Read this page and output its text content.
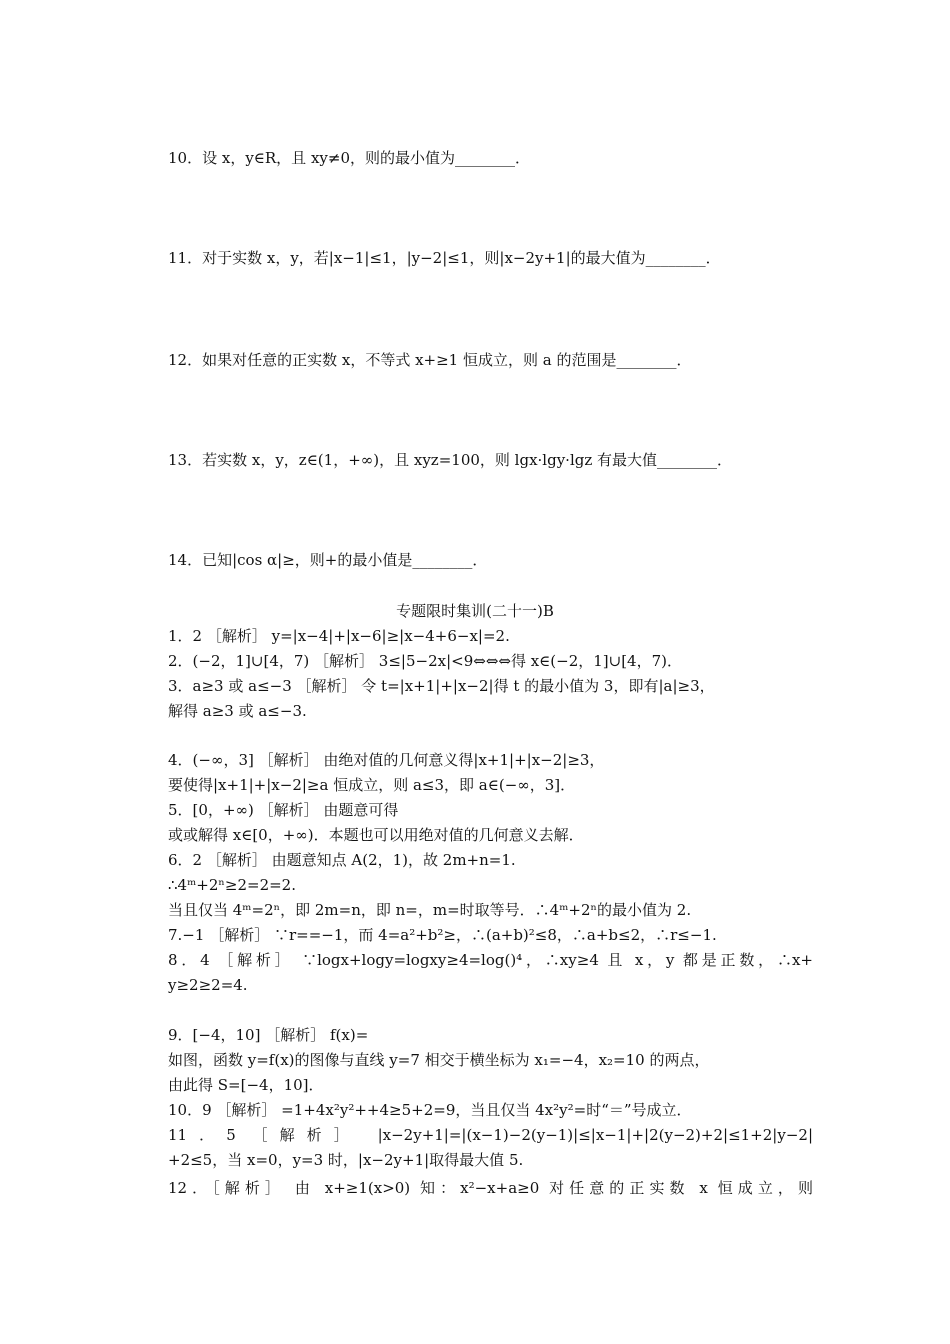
10．设 x，y∈R，且 xy≠0，则的最小值为________．
11．对于实数 x，y，若|x−1|≤1，|y−2|≤1，则|x−2y+1|的最大值为________．
12．如果对任意的正实数 x，不等式 x+≥1 恒成立，则 a 的范围是________．
13．若实数 x，y，z∈(1，+∞)，且 xyz=100，则 lgx·lgy·lgz 有最大值________．
14．已知|cos α|≥，则+的最小值是________．
专题限时集训(二十一)B
1．2 ［解析］ y=|x−4|+|x−6|≥|x−4+6−x|=2.
2．(−2，1]∪[4，7) ［解析］ 3≤|5−2x|<9⇔⇔⇔得 x∈(−2，1]∪[4，7)．
3．a≥3 或 a≤−3 ［解析］ 令 t=|x+1|+|x−2|得 t 的最小值为 3，即有|a|≥3，
解得 a≥3 或 a≤−3.
4．(−∞，3] ［解析］ 由绝对值的几何意义得|x+1|+|x−2|≥3，
要使得|x+1|+|x−2|≥a 恒成立，则 a≤3，即 a∈(−∞，3]．
5．[0，+∞) ［解析］ 由题意可得
或或解得 x∈[0，+∞)．本题也可以用绝对值的几何意义去解．
6．2 ［解析］ 由题意知点 A(2，1)，故 2m+n=1.
∴4ᵐ+2ⁿ≥2=2=2.
当且仅当 4ᵐ=2ⁿ，即 2m=n，即 n=，m=时取等号．∴4ᵐ+2ⁿ的最小值为 2.
7.−1 ［解析］ ∵r==−1，而 4=a²+b²≥，∴(a+b)²≤8，∴a+b≤2，∴r≤−1.
8．4 ［解析］ ∵logx+logy=logxy≥4=log()⁴，∴xy≥4 且 x，y 都是正数，∴x+
y≥2≥2=4.
9．[−4，10] ［解析］ f(x)=
如图，函数 y=f(x)的图像与直线 y=7 相交于横坐标为 x₁=−4，x₂=10 的两点，
由此得 S=[−4，10]．
10．9 ［解析］ =1+4x²y²++4≥5+2=9，当且仅当 4x²y²=时“＝”号成立．
11．5 ［解析］ |x−2y+1|=|(x−1)−2(y−1)|≤|x−1|+|2(y−2)+2|≤1+2|y−2|
+2≤5，当 x=0，y=3 时，|x−2y+1|取得最大值 5.
12．［解析］ 由 x+≥1(x>0) 知：x²−x+a≥0 对任意的正实数 x 恒成立，则
